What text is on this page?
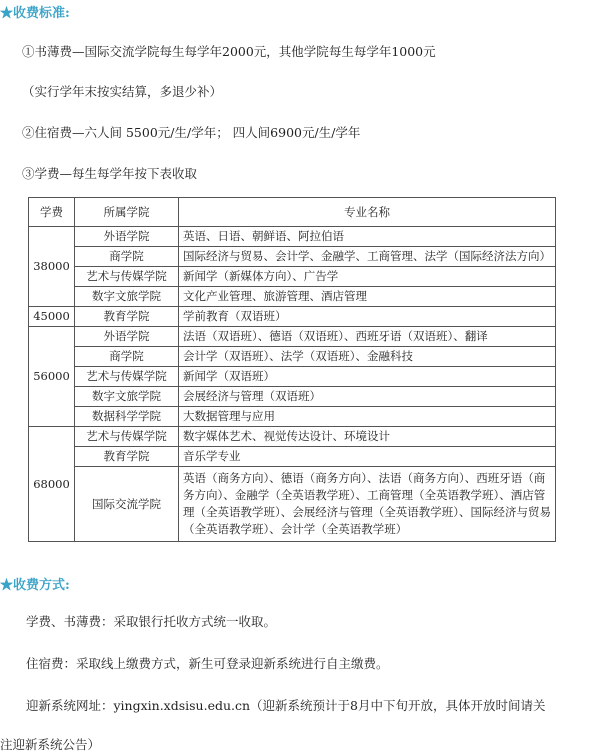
★收费标准:
①书薄费—国际交流学院每生每学年2000元，其他学院每生每学年1000元
（实行学年末按实结算，多退少补）
②住宿费—六人间 5500元/生/学年； 四人间6900元/生/学年
③学费—每生每学年按下表收取
学费	所属学院	专业名称
38000	外语学院	英语、日语、朝鲜语、阿拉伯语
	商学院	国际经济与贸易、会计学、金融学、工商管理、法学（国际经济法方向）
	艺术与传媒学院	新闻学（新媒体方向）、广告学
	数字文旅学院	文化产业管理、旅游管理、酒店管理
45000	教育学院	学前教育（双语班）
56000	外语学院	法语（双语班）、德语（双语班）、西班牙语（双语班）、翻译
	商学院	会计学（双语班）、法学（双语班）、金融科技
	艺术与传媒学院	新闻学（双语班）
	数字文旅学院	会展经济与管理（双语班）
	数据科学学院	大数据管理与应用
68000	艺术与传媒学院	数字媒体艺术、视觉传达设计、环境设计
	教育学院	音乐学专业
	国际交流学院	英语（商务方向）、德语（商务方向）、法语（商务方向）、西班牙语（商务方向）、金融学（全英语教学班）、工商管理（全英语教学班）、酒店管理（全英语教学班）、会展经济与管理（全英语教学班）、国际经济与贸易（全英语教学班）、会计学（全英语教学班）
★收费方式:
学费、书薄费：采取银行托收方式统一收取。
住宿费：采取线上缴费方式，新生可登录迎新系统进行自主缴费。
迎新系统网址：yingxin.xdsisu.edu.cn（迎新系统预计于8月中下旬开放，具体开放时间请关
注迎新系统公告）
